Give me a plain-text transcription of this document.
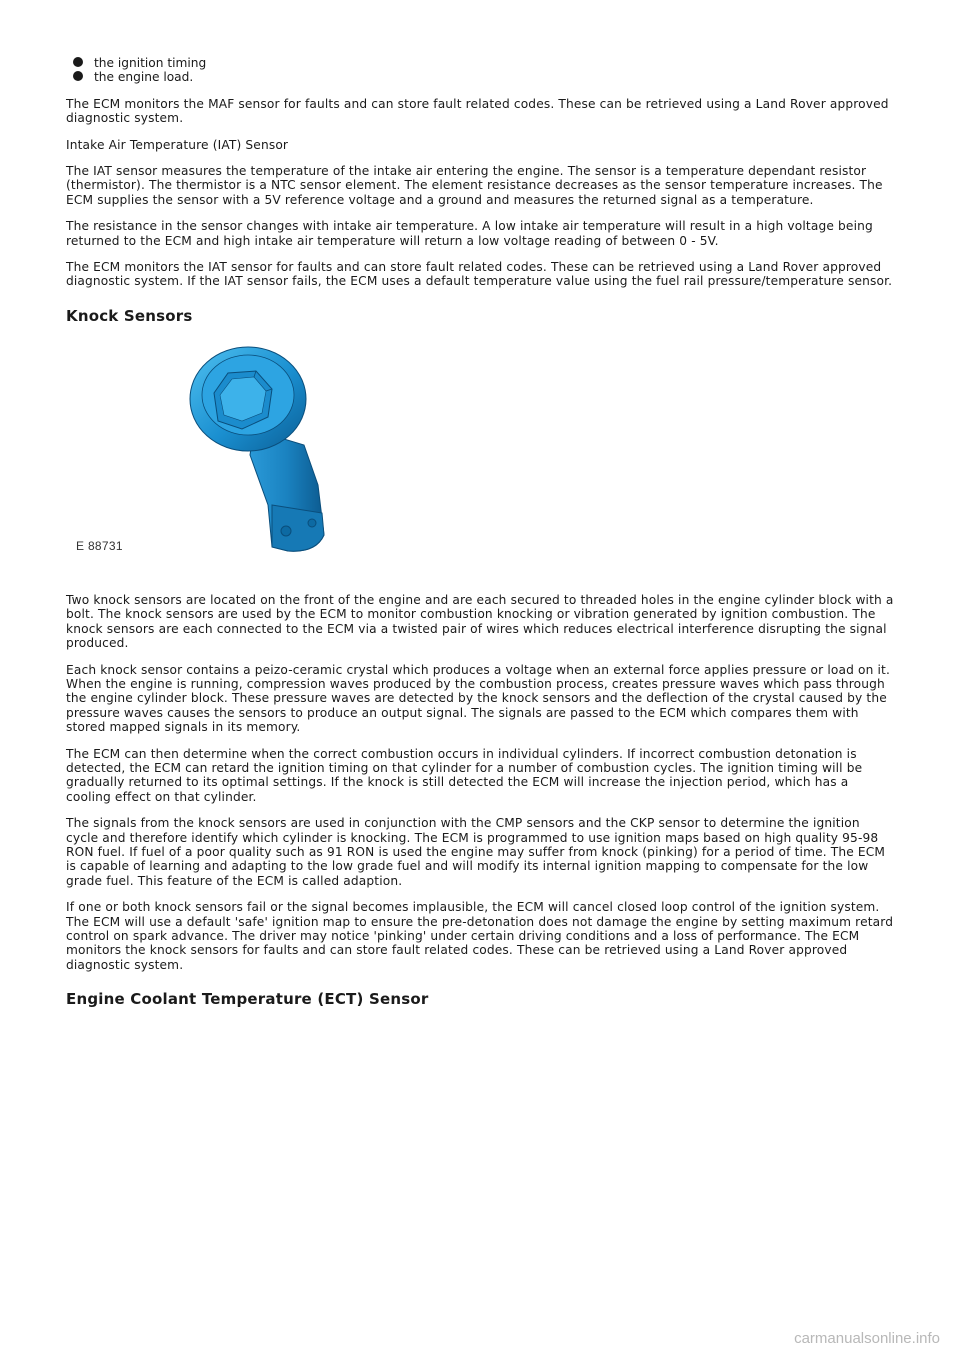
the ignition timing
the engine load.

The ECM monitors the MAF sensor for faults and can store fault related codes. These can be retrieved using a Land Rover approved diagnostic system.

Intake Air Temperature (IAT) Sensor

The IAT sensor measures the temperature of the intake air entering the engine. The sensor is a temperature dependant resistor (thermistor). The thermistor is a NTC sensor element. The element resistance decreases as the sensor temperature increases. The ECM supplies the sensor with a 5V reference voltage and a ground and measures the returned signal as a temperature.

The resistance in the sensor changes with intake air temperature. A low intake air temperature will result in a high voltage being returned to the ECM and high intake air temperature will return a low voltage reading of between 0 - 5V.

The ECM monitors the IAT sensor for faults and can store fault related codes. These can be retrieved using a Land Rover approved diagnostic system. If the IAT sensor fails, the ECM uses a default temperature value using the fuel rail pressure/temperature sensor.

Knock Sensors
E 88731

Two knock sensors are located on the front of the engine and are each secured to threaded holes in the engine cylinder block with a bolt. The knock sensors are used by the ECM to monitor combustion knocking or vibration generated by ignition combustion. The knock sensors are each connected to the ECM via a twisted pair of wires which reduces electrical interference disrupting the signal produced.

Each knock sensor contains a peizo-ceramic crystal which produces a voltage when an external force applies pressure or load on it. When the engine is running, compression waves produced by the combustion process, creates pressure waves which pass through the engine cylinder block. These pressure waves are detected by the knock sensors and the deflection of the crystal caused by the pressure waves causes the sensors to produce an output signal. The signals are passed to the ECM which compares them with stored mapped signals in its memory.

The ECM can then determine when the correct combustion occurs in individual cylinders. If incorrect combustion detonation is detected, the ECM can retard the ignition timing on that cylinder for a number of combustion cycles. The ignition timing will be gradually returned to its optimal settings. If the knock is still detected the ECM will increase the injection period, which has a cooling effect on that cylinder.

The signals from the knock sensors are used in conjunction with the CMP sensors and the CKP sensor to determine the ignition cycle and therefore identify which cylinder is knocking. The ECM is programmed to use ignition maps based on high quality 95-98 RON fuel. If fuel of a poor quality such as 91 RON is used the engine may suffer from knock (pinking) for a period of time. The ECM is capable of learning and adapting to the low grade fuel and will modify its internal ignition mapping to compensate for the low grade fuel. This feature of the ECM is called adaption.

If one or both knock sensors fail or the signal becomes implausible, the ECM will cancel closed loop control of the ignition system. The ECM will use a default 'safe' ignition map to ensure the pre-detonation does not damage the engine by setting maximum retard control on spark advance. The driver may notice 'pinking' under certain driving conditions and a loss of performance. The ECM monitors the knock sensors for faults and can store fault related codes. These can be retrieved using a Land Rover approved diagnostic system.

Engine Coolant Temperature (ECT) Sensor
carmanualsonline.info
